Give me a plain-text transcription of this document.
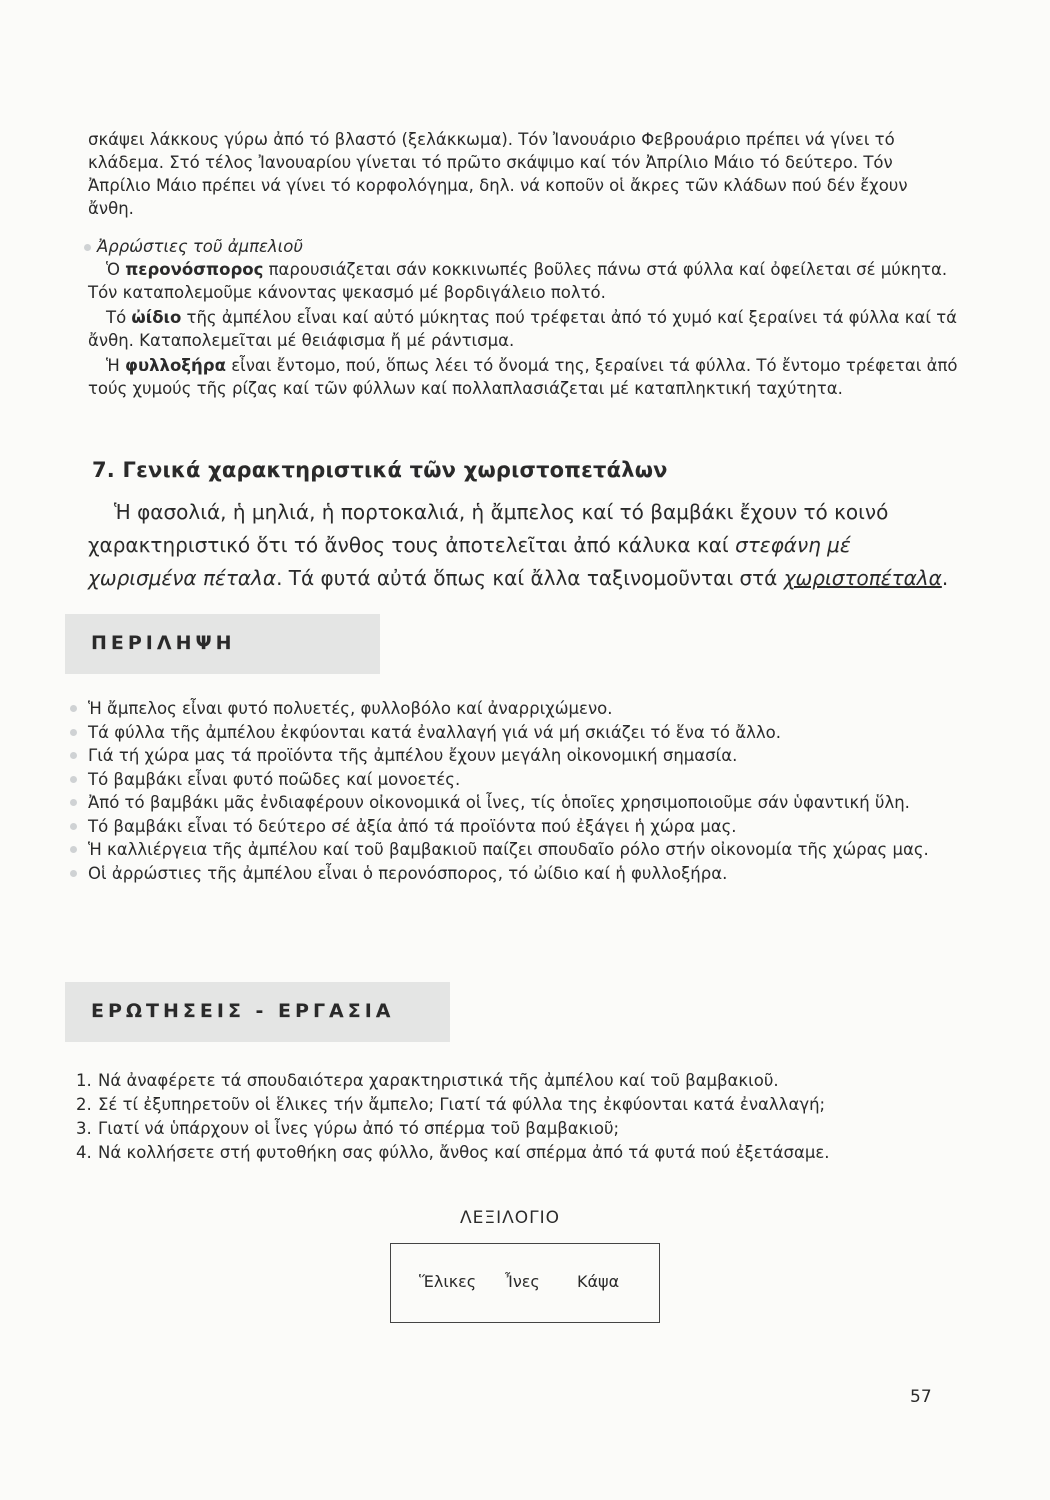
σκάψει λάκκους γύρω ἀπό τό βλαστό (ξελάκκωμα). Τόν Ἰανουάριο Φεβρουάριο πρέπει νά γίνει τό κλάδεμα. Στό τέλος Ἰανουαρίου γίνεται τό πρῶτο σκάψιμο καί τόν Ἀπρίλιο Μάιο τό δεύτερο. Τόν Ἀπρίλιο Μάιο πρέπει νά γίνει τό κορφολόγημα, δηλ. νά κοποῦν οἱ ἄκρες τῶν κλάδων πού δέν ἔχουν ἄνθη.

Ἀρρώστιες τοῦ ἀμπελιοῦ

Ὁ περονόσπορος παρουσιάζεται σάν κοκκινωπές βοῦλες πάνω στά φύλλα καί ὀφείλεται σέ μύκητα. Τόν καταπολεμοῦμε κάνοντας ψεκασμό μέ βορδιγάλειο πολτό.

Τό ὠίδιο τῆς ἀμπέλου εἶναι καί αὐτό μύκητας πού τρέφεται ἀπό τό χυμό καί ξεραίνει τά φύλλα καί τά ἄνθη. Καταπολεμεῖται μέ θειάφισμα ἤ μέ ράντισμα.

Ἡ φυλλοξήρα εἶναι ἔντομο, πού, ὅπως λέει τό ὄνομά της, ξεραίνει τά φύλλα. Τό ἔντομο τρέφεται ἀπό τούς χυμούς τῆς ρίζας καί τῶν φύλλων καί πολλαπλασιάζεται μέ καταπληκτική ταχύτητα.

7. Γενικά χαρακτηριστικά τῶν χωριστοπετάλων

Ἡ φασολιά, ἡ μηλιά, ἡ πορτοκαλιά, ἡ ἄμπελος καί τό βαμβάκι ἔχουν τό κοινό χαρακτηριστικό ὅτι τό ἄνθος τους ἀποτελεῖται ἀπό κάλυκα καί στεφάνη μέ χωρισμένα πέταλα. Τά φυτά αὐτά ὅπως καί ἄλλα ταξινομοῦνται στά χωριστοπέταλα.

ΠΕΡΙΛΗΨΗ
Ἡ ἄμπελος εἶναι φυτό πολυετές, φυλλοβόλο καί ἀναρριχώμενο.
Τά φύλλα τῆς ἀμπέλου ἐκφύονται κατά ἐναλλαγή γιά νά μή σκιάζει τό ἕνα τό ἄλλο.
Γιά τή χώρα μας τά προϊόντα τῆς ἀμπέλου ἔχουν μεγάλη οἰκονομική σημασία.
Τό βαμβάκι εἶναι φυτό ποῶδες καί μονοετές.
Ἀπό τό βαμβάκι μᾶς ἐνδιαφέρουν οἰκονομικά οἱ ἶνες, τίς ὁποῖες χρησιμοποιοῦμε σάν ὑφαντική ὕλη.
Τό βαμβάκι εἶναι τό δεύτερο σέ ἀξία ἀπό τά προϊόντα πού ἐξάγει ἡ χώρα μας.
Ἡ καλλιέργεια τῆς ἀμπέλου καί τοῦ βαμβακιοῦ παίζει σπουδαῖο ρόλο στήν οἰκονομία τῆς χώρας μας.
Οἱ ἀρρώστιες τῆς ἀμπέλου εἶναι ὁ περονόσπορος, τό ὠίδιο καί ἡ φυλλοξήρα.
ΕΡΩΤΗΣΕΙΣ - ΕΡΓΑΣΙΑ
1. Νά ἀναφέρετε τά σπουδαιότερα χαρακτηριστικά τῆς ἀμπέλου καί τοῦ βαμβακιοῦ.
2. Σέ τί ἐξυπηρετοῦν οἱ ἕλικες τήν ἄμπελο; Γιατί τά φύλλα της ἐκφύονται κατά ἐναλλαγή;
3. Γιατί νά ὑπάρχουν οἱ ἶνες γύρω ἀπό τό σπέρμα τοῦ βαμβακιοῦ;
4. Νά κολλήσετε στή φυτοθήκη σας φύλλο, ἄνθος καί σπέρμα ἀπό τά φυτά πού ἐξετάσαμε.
ΛΕΞΙΛΟΓΙΟ
Ἕλικες Ἶνες Κάψα
57
